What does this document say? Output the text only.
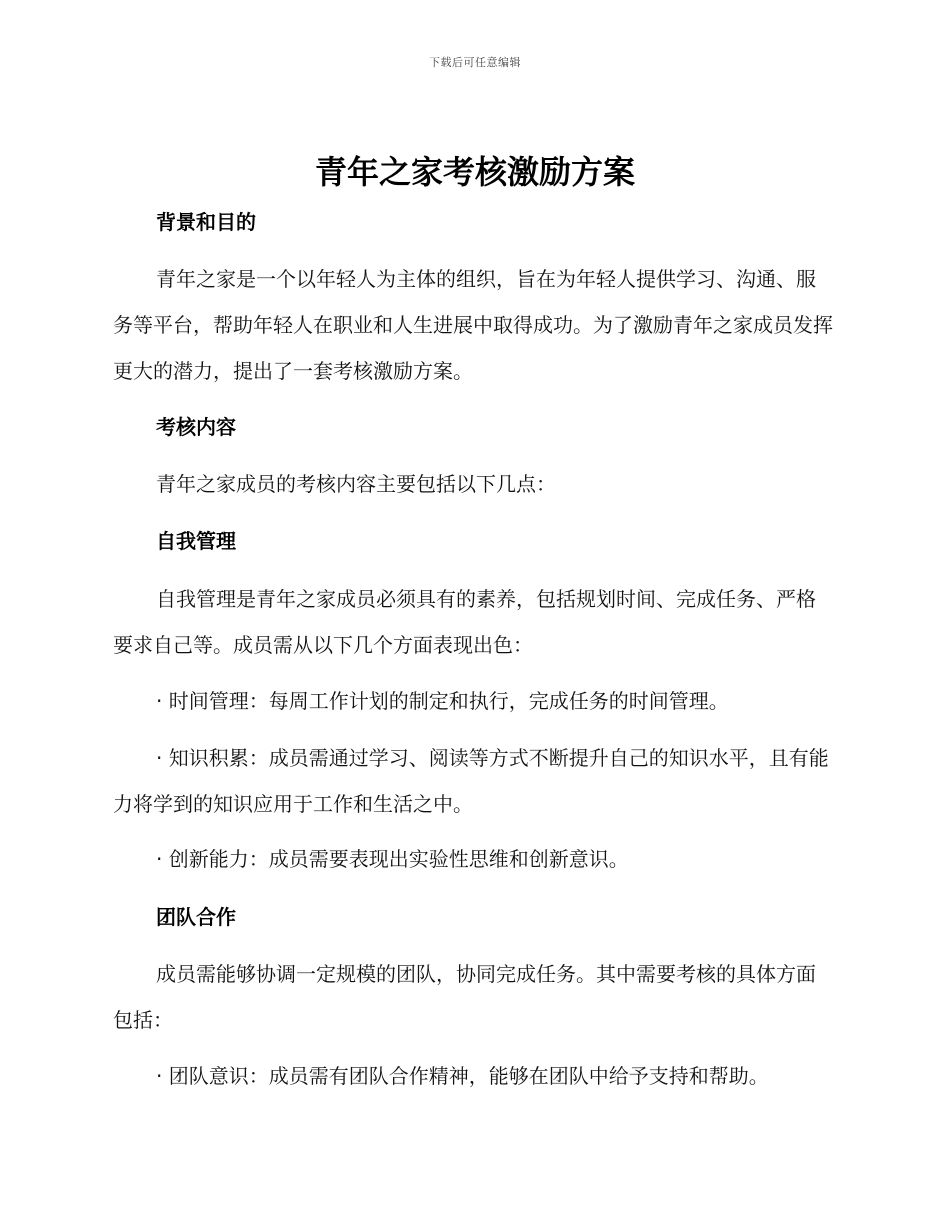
下载后可任意编辑
青年之家考核激励方案

背景和目的

青年之家是一个以年轻人为主体的组织，旨在为年轻人提供学习、沟通、服务等平台，帮助年轻人在职业和人生进展中取得成功。为了激励青年之家成员发挥更大的潜力，提出了一套考核激励方案。

考核内容

青年之家成员的考核内容主要包括以下几点：

自我管理

自我管理是青年之家成员必须具有的素养，包括规划时间、完成任务、严格要求自己等。成员需从以下几个方面表现出色：

· 时间管理：每周工作计划的制定和执行，完成任务的时间管理。

· 知识积累：成员需通过学习、阅读等方式不断提升自己的知识水平，且有能力将学到的知识应用于工作和生活之中。

· 创新能力：成员需要表现出实验性思维和创新意识。

团队合作

成员需能够协调一定规模的团队，协同完成任务。其中需要考核的具体方面包括：

· 团队意识：成员需有团队合作精神，能够在团队中给予支持和帮助。
